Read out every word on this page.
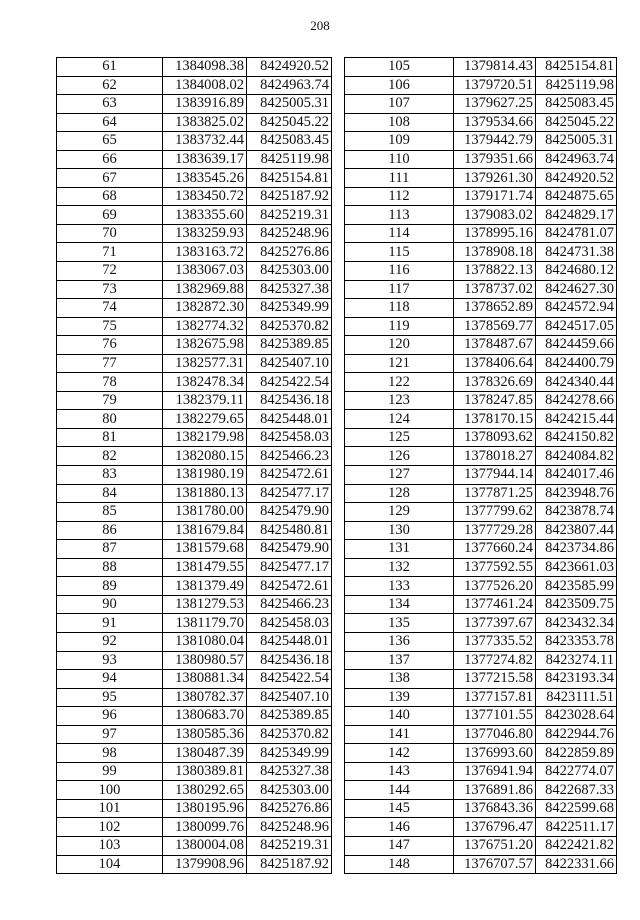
208
61	1384098.38	8424920.52
62	1384008.02	8424963.74
63	1383916.89	8425005.31
64	1383825.02	8425045.22
65	1383732.44	8425083.45
66	1383639.17	8425119.98
67	1383545.26	8425154.81
68	1383450.72	8425187.92
69	1383355.60	8425219.31
70	1383259.93	8425248.96
71	1383163.72	8425276.86
72	1383067.03	8425303.00
73	1382969.88	8425327.38
74	1382872.30	8425349.99
75	1382774.32	8425370.82
76	1382675.98	8425389.85
77	1382577.31	8425407.10
78	1382478.34	8425422.54
79	1382379.11	8425436.18
80	1382279.65	8425448.01
81	1382179.98	8425458.03
82	1382080.15	8425466.23
83	1381980.19	8425472.61
84	1381880.13	8425477.17
85	1381780.00	8425479.90
86	1381679.84	8425480.81
87	1381579.68	8425479.90
88	1381479.55	8425477.17
89	1381379.49	8425472.61
90	1381279.53	8425466.23
91	1381179.70	8425458.03
92	1381080.04	8425448.01
93	1380980.57	8425436.18
94	1380881.34	8425422.54
95	1380782.37	8425407.10
96	1380683.70	8425389.85
97	1380585.36	8425370.82
98	1380487.39	8425349.99
99	1380389.81	8425327.38
100	1380292.65	8425303.00
101	1380195.96	8425276.86
102	1380099.76	8425248.96
103	1380004.08	8425219.31
104	1379908.96	8425187.92
105	1379814.43	8425154.81
106	1379720.51	8425119.98
107	1379627.25	8425083.45
108	1379534.66	8425045.22
109	1379442.79	8425005.31
110	1379351.66	8424963.74
111	1379261.30	8424920.52
112	1379171.74	8424875.65
113	1379083.02	8424829.17
114	1378995.16	8424781.07
115	1378908.18	8424731.38
116	1378822.13	8424680.12
117	1378737.02	8424627.30
118	1378652.89	8424572.94
119	1378569.77	8424517.05
120	1378487.67	8424459.66
121	1378406.64	8424400.79
122	1378326.69	8424340.44
123	1378247.85	8424278.66
124	1378170.15	8424215.44
125	1378093.62	8424150.82
126	1378018.27	8424084.82
127	1377944.14	8424017.46
128	1377871.25	8423948.76
129	1377799.62	8423878.74
130	1377729.28	8423807.44
131	1377660.24	8423734.86
132	1377592.55	8423661.03
133	1377526.20	8423585.99
134	1377461.24	8423509.75
135	1377397.67	8423432.34
136	1377335.52	8423353.78
137	1377274.82	8423274.11
138	1377215.58	8423193.34
139	1377157.81	8423111.51
140	1377101.55	8423028.64
141	1377046.80	8422944.76
142	1376993.60	8422859.89
143	1376941.94	8422774.07
144	1376891.86	8422687.33
145	1376843.36	8422599.68
146	1376796.47	8422511.17
147	1376751.20	8422421.82
148	1376707.57	8422331.66
